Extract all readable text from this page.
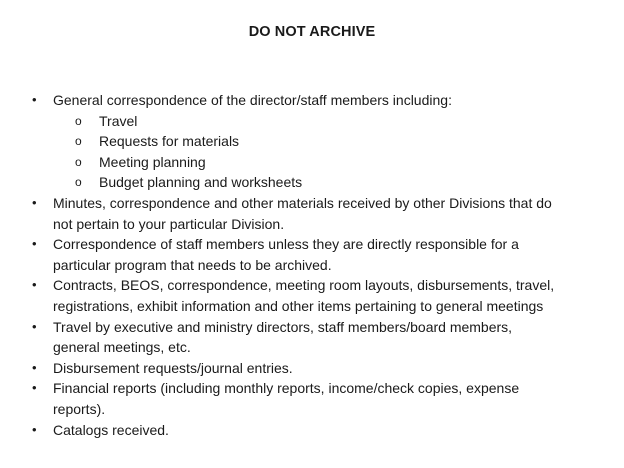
DO NOT ARCHIVE
• General correspondence of the director/staff members including:
o Travel
o Requests for materials
o Meeting planning
o Budget planning and worksheets
• Minutes, correspondence and other materials received by other Divisions that do
not pertain to your particular Division.
• Correspondence of staff members unless they are directly responsible for a
particular program that needs to be archived.
• Contracts, BEOS, correspondence, meeting room layouts, disbursements, travel,
registrations, exhibit information and other items pertaining to general meetings
• Travel by executive and ministry directors, staff members/board members,
general meetings, etc.
• Disbursement requests/journal entries.
• Financial reports (including monthly reports, income/check copies, expense
reports).
• Catalogs received.
